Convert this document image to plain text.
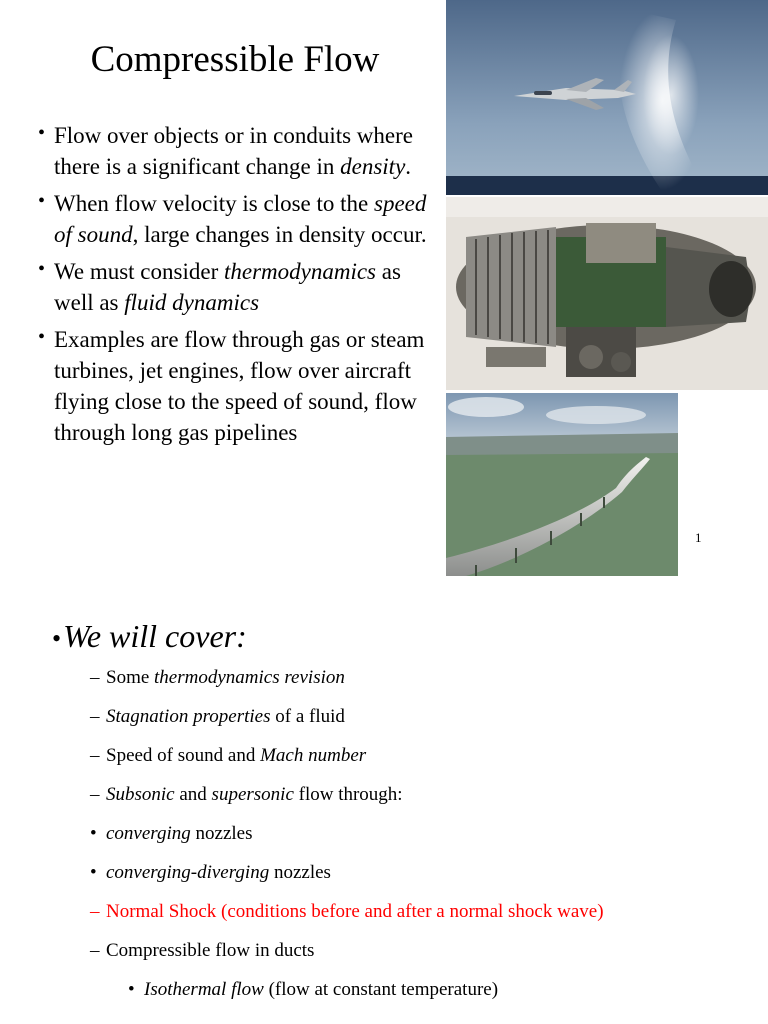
Compressible Flow
• Flow over objects or in conduits where there is a significant change in density.
• When flow velocity is close to the speed of sound, large changes in density occur.
• We must consider thermodynamics as well as fluid dynamics
• Examples are flow through gas or steam turbines, jet engines, flow over aircraft flying close to the speed of sound, flow through long gas pipelines
1
•We will cover:
– Some thermodynamics revision
– Stagnation properties of a fluid
– Speed of sound and Mach number
– Subsonic and supersonic flow through:
• converging nozzles
• converging-diverging nozzles
– Normal Shock (conditions before and after a normal shock wave)
– Compressible flow in ducts
• Isothermal flow (flow at constant temperature)
